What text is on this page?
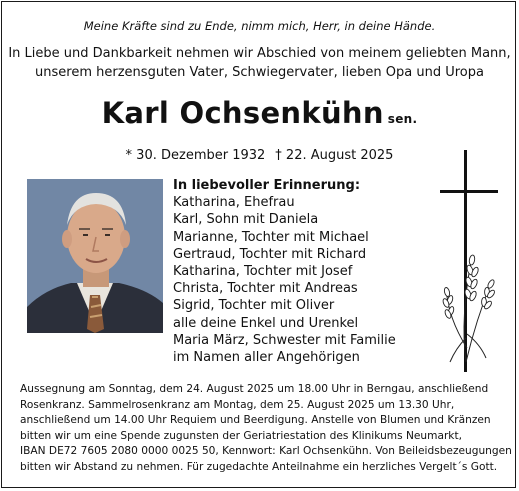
Meine Kräfte sind zu Ende, nimm mich, Herr, in deine Hände.
In Liebe und Dankbarkeit nehmen wir Abschied von meinem geliebten Mann,
unserem herzensguten Vater, Schwiegervater, lieben Opa und Uropa
Karl Ochsenkühn sen.
* 30. Dezember 1932 † 22. August 2025
In liebevoller Erinnerung:
Katharina, Ehefrau
Karl, Sohn mit Daniela
Marianne, Tochter mit Michael
Gertraud, Tochter mit Richard
Katharina, Tochter mit Josef
Christa, Tochter mit Andreas
Sigrid, Tochter mit Oliver
alle deine Enkel und Urenkel
Maria März, Schwester mit Familie
im Namen aller Angehörigen
Aussegnung am Sonntag, dem 24. August 2025 um 18.00 Uhr in Berngau, anschließend
Rosenkranz. Sammelrosenkranz am Montag, dem 25. August 2025 um 13.30 Uhr,
anschließend um 14.00 Uhr Requiem und Beerdigung. Anstelle von Blumen und Kränzen
bitten wir um eine Spende zugunsten der Geriatriestation des Klinikums Neumarkt,
IBAN DE72 7605 2080 0000 0025 50, Kennwort: Karl Ochsenkühn. Von Beileidsbezeugungen
bitten wir Abstand zu nehmen. Für zugedachte Anteilnahme ein herzliches Vergelt´s Gott.
